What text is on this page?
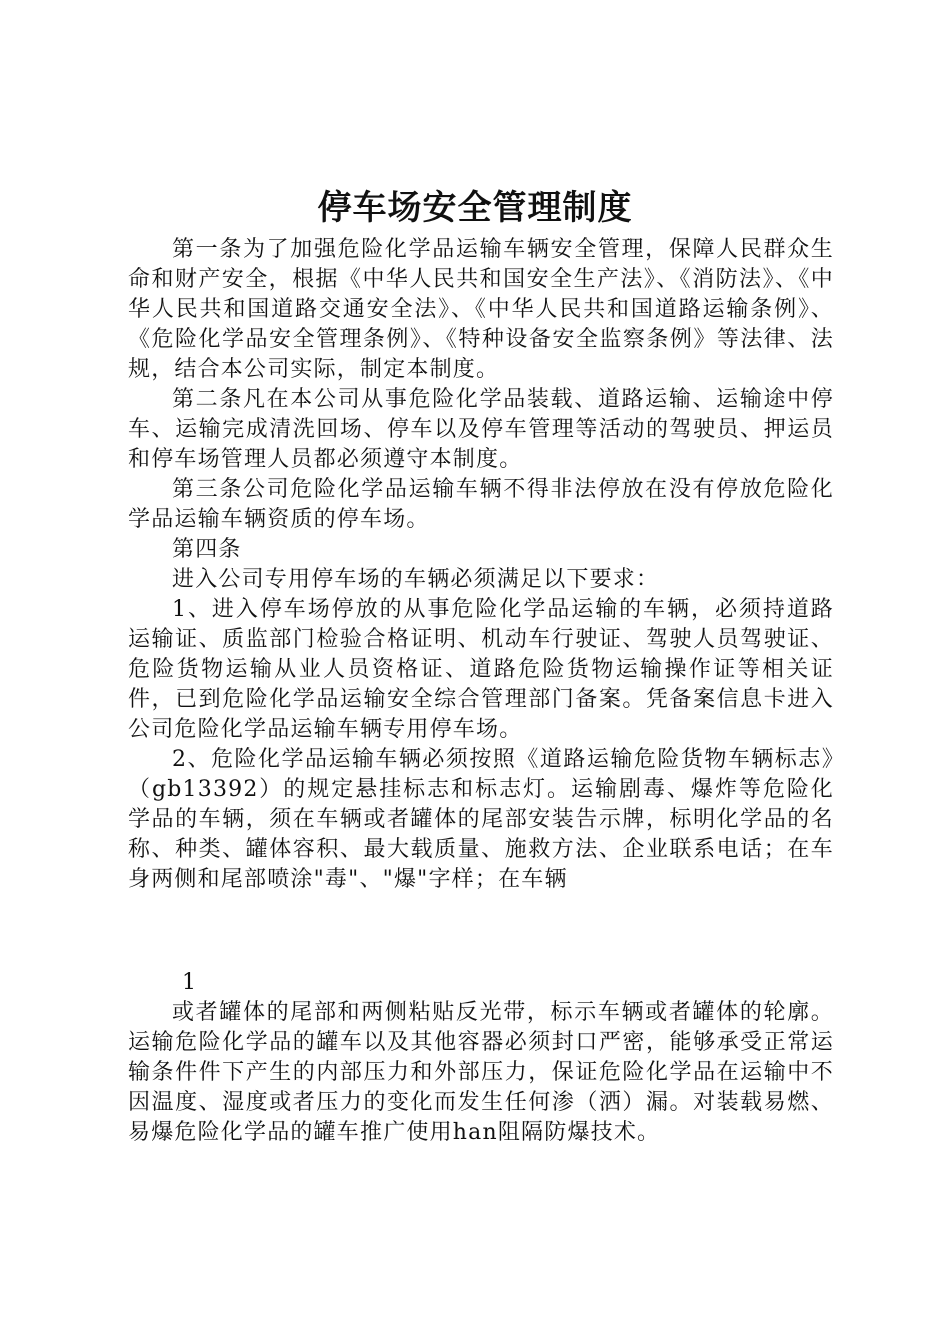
停车场安全管理制度

第一条为了加强危险化学品运输车辆安全管理，保障人民群众生命和财产安全，根据《中华人民共和国安全生产法》、《消防法》、《中华人民共和国道路交通安全法》、《中华人民共和国道路运输条例》、《危险化学品安全管理条例》、《特种设备安全监察条例》等法律、法规，结合本公司实际，制定本制度。

第二条凡在本公司从事危险化学品装载、道路运输、运输途中停车、运输完成清洗回场、停车以及停车管理等活动的驾驶员、押运员和停车场管理人员都必须遵守本制度。

第三条公司危险化学品运输车辆不得非法停放在没有停放危险化学品运输车辆资质的停车场。

第四条

进入公司专用停车场的车辆必须满足以下要求：

1、进入停车场停放的从事危险化学品运输的车辆，必须持道路运输证、质监部门检验合格证明、机动车行驶证、驾驶人员驾驶证、危险货物运输从业人员资格证、道路危险货物运输操作证等相关证件，已到危险化学品运输安全综合管理部门备案。凭备案信息卡进入公司危险化学品运输车辆专用停车场。

2、危险化学品运输车辆必须按照《道路运输危险货物车辆标志》（gb13392）的规定悬挂标志和标志灯。运输剧毒、爆炸等危险化学品的车辆，须在车辆或者罐体的尾部安装告示牌，标明化学品的名称、种类、罐体容积、最大载质量、施救方法、企业联系电话；在车身两侧和尾部喷涂"毒"、"爆"字样；在车辆

1

或者罐体的尾部和两侧粘贴反光带，标示车辆或者罐体的轮廓。运输危险化学品的罐车以及其他容器必须封口严密，能够承受正常运输条件件下产生的内部压力和外部压力，保证危险化学品在运输中不因温度、湿度或者压力的变化而发生任何渗（洒）漏。对装载易燃、易爆危险化学品的罐车推广使用han阻隔防爆技术。
